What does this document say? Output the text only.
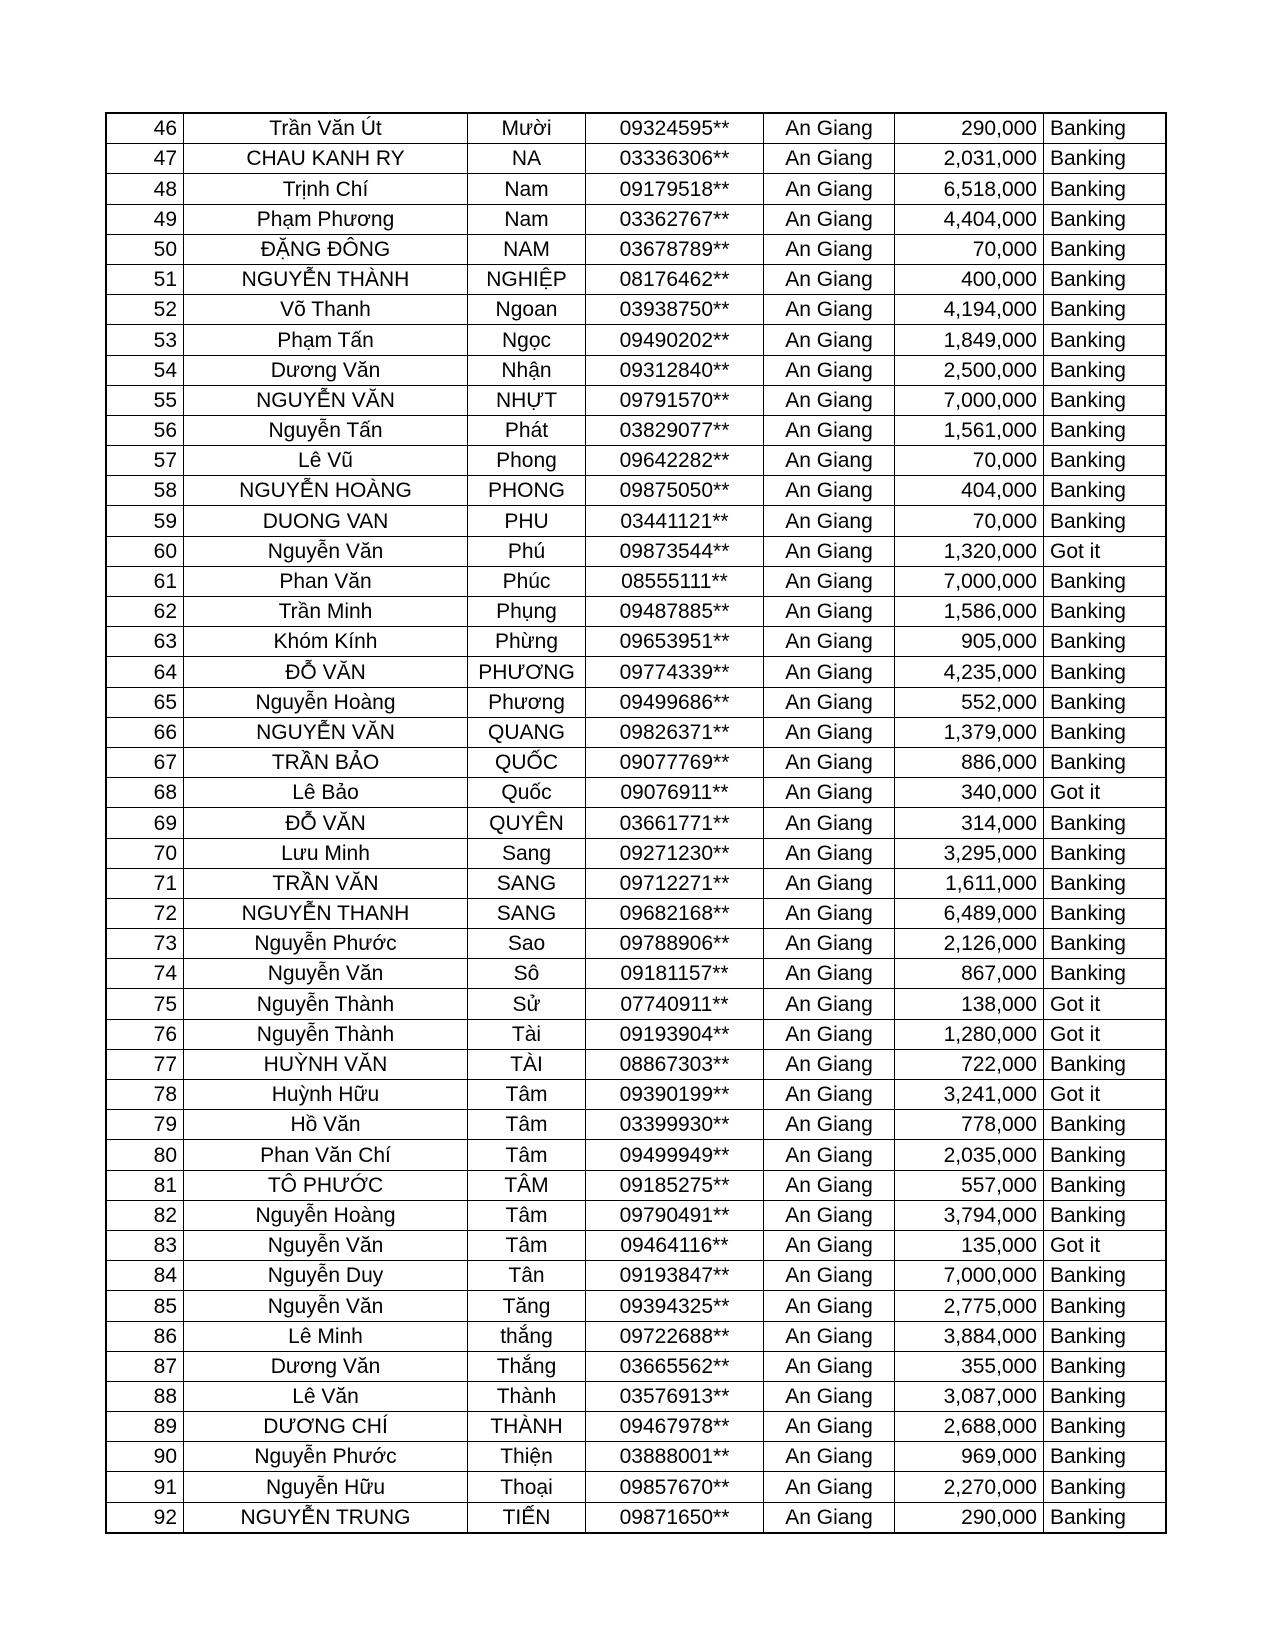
46	Trần Văn Út	Mười	09324595**	An Giang	290,000	Banking
47	CHAU KANH RY	NA	03336306**	An Giang	2,031,000	Banking
48	Trịnh Chí	Nam	09179518**	An Giang	6,518,000	Banking
49	Phạm Phương	Nam	03362767**	An Giang	4,404,000	Banking
50	ĐẶNG ĐÔNG	NAM	03678789**	An Giang	70,000	Banking
51	NGUYỄN THÀNH	NGHIỆP	08176462**	An Giang	400,000	Banking
52	Võ Thanh	Ngoan	03938750**	An Giang	4,194,000	Banking
53	Phạm Tấn	Ngọc	09490202**	An Giang	1,849,000	Banking
54	Dương Văn	Nhận	09312840**	An Giang	2,500,000	Banking
55	NGUYỄN VĂN	NHỰT	09791570**	An Giang	7,000,000	Banking
56	Nguyễn Tấn	Phát	03829077**	An Giang	1,561,000	Banking
57	Lê Vũ	Phong	09642282**	An Giang	70,000	Banking
58	NGUYỄN HOÀNG	PHONG	09875050**	An Giang	404,000	Banking
59	DUONG VAN	PHU	03441121**	An Giang	70,000	Banking
60	Nguyễn Văn	Phú	09873544**	An Giang	1,320,000	Got it
61	Phan Văn	Phúc	08555111**	An Giang	7,000,000	Banking
62	Trần Minh	Phụng	09487885**	An Giang	1,586,000	Banking
63	Khóm Kính	Phừng	09653951**	An Giang	905,000	Banking
64	ĐỖ VĂN	PHƯƠNG	09774339**	An Giang	4,235,000	Banking
65	Nguyễn Hoàng	Phương	09499686**	An Giang	552,000	Banking
66	NGUYỄN VĂN	QUANG	09826371**	An Giang	1,379,000	Banking
67	TRẦN BẢO	QUỐC	09077769**	An Giang	886,000	Banking
68	Lê Bảo	Quốc	09076911**	An Giang	340,000	Got it
69	ĐỖ VĂN	QUYÊN	03661771**	An Giang	314,000	Banking
70	Lưu Minh	Sang	09271230**	An Giang	3,295,000	Banking
71	TRẦN VĂN	SANG	09712271**	An Giang	1,611,000	Banking
72	NGUYỄN THANH	SANG	09682168**	An Giang	6,489,000	Banking
73	Nguyễn Phước	Sao	09788906**	An Giang	2,126,000	Banking
74	Nguyễn Văn	Sô	09181157**	An Giang	867,000	Banking
75	Nguyễn Thành	Sử	07740911**	An Giang	138,000	Got it
76	Nguyễn Thành	Tài	09193904**	An Giang	1,280,000	Got it
77	HUỲNH VĂN	TÀI	08867303**	An Giang	722,000	Banking
78	Huỳnh Hữu	Tâm	09390199**	An Giang	3,241,000	Got it
79	Hồ Văn	Tâm	03399930**	An Giang	778,000	Banking
80	Phan Văn Chí	Tâm	09499949**	An Giang	2,035,000	Banking
81	TÔ PHƯỚC	TÂM	09185275**	An Giang	557,000	Banking
82	Nguyễn Hoàng	Tâm	09790491**	An Giang	3,794,000	Banking
83	Nguyễn Văn	Tâm	09464116**	An Giang	135,000	Got it
84	Nguyễn Duy	Tân	09193847**	An Giang	7,000,000	Banking
85	Nguyễn Văn	Tăng	09394325**	An Giang	2,775,000	Banking
86	Lê Minh	thắng	09722688**	An Giang	3,884,000	Banking
87	Dương Văn	Thắng	03665562**	An Giang	355,000	Banking
88	Lê Văn	Thành	03576913**	An Giang	3,087,000	Banking
89	DƯƠNG CHÍ	THÀNH	09467978**	An Giang	2,688,000	Banking
90	Nguyễn Phước	Thiện	03888001**	An Giang	969,000	Banking
91	Nguyễn Hữu	Thoại	09857670**	An Giang	2,270,000	Banking
92	NGUYỄN TRUNG	TIẾN	09871650**	An Giang	290,000	Banking
